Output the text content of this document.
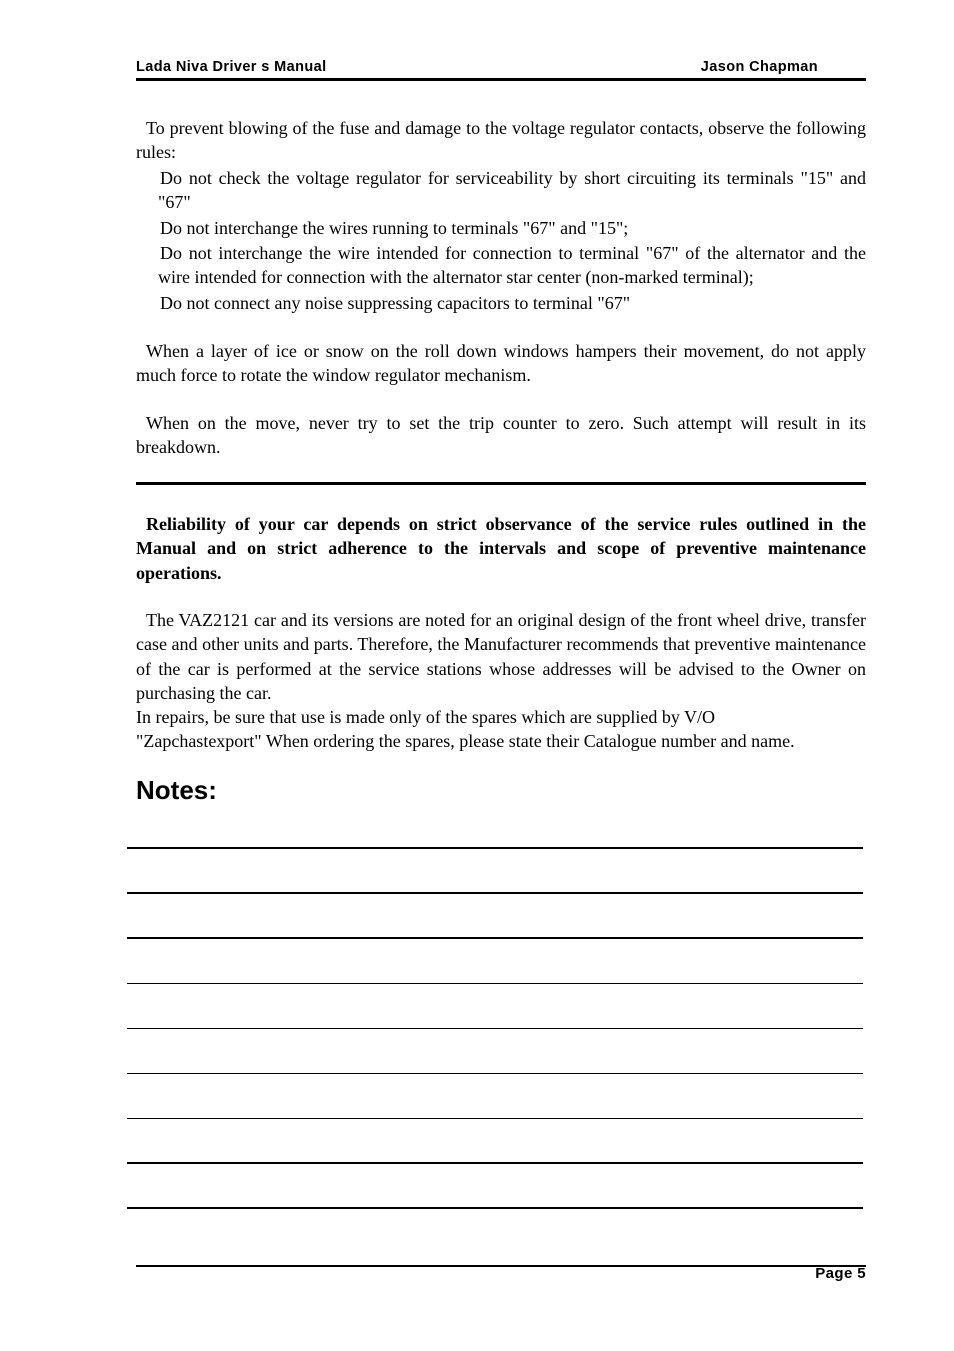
Lada Niva Driver s Manual	Jason Chapman
To prevent blowing of the fuse and damage to the voltage regulator contacts, observe the following rules:
Do not check the voltage regulator for serviceability by short circuiting its terminals "15" and "67"
Do not interchange the wires running to terminals "67" and "15";
Do not interchange the wire intended for connection to terminal "67" of the alternator and the wire intended for connection with the alternator star center (non-marked terminal);
Do not connect any noise suppressing capacitors to terminal "67"
When a layer of ice or snow on the roll down windows hampers their movement, do not apply much force to rotate the window regulator mechanism.
When on the move, never try to set the trip counter to zero. Such attempt will result in its breakdown.
Reliability of your car depends on strict observance of the service rules outlined in the Manual and on strict adherence to the intervals and scope of preventive maintenance operations.
The VAZ2121 car and its versions are noted for an original design of the front wheel drive, transfer case and other units and parts. Therefore, the Manufacturer recommends that preventive maintenance of the car is performed at the service stations whose addresses will be advised to the Owner on purchasing the car.
In repairs, be sure that use is made only of the spares which are supplied by V/O
"Zapchastexport" When ordering the spares, please state their Catalogue number and name.
Notes:
Page 5
